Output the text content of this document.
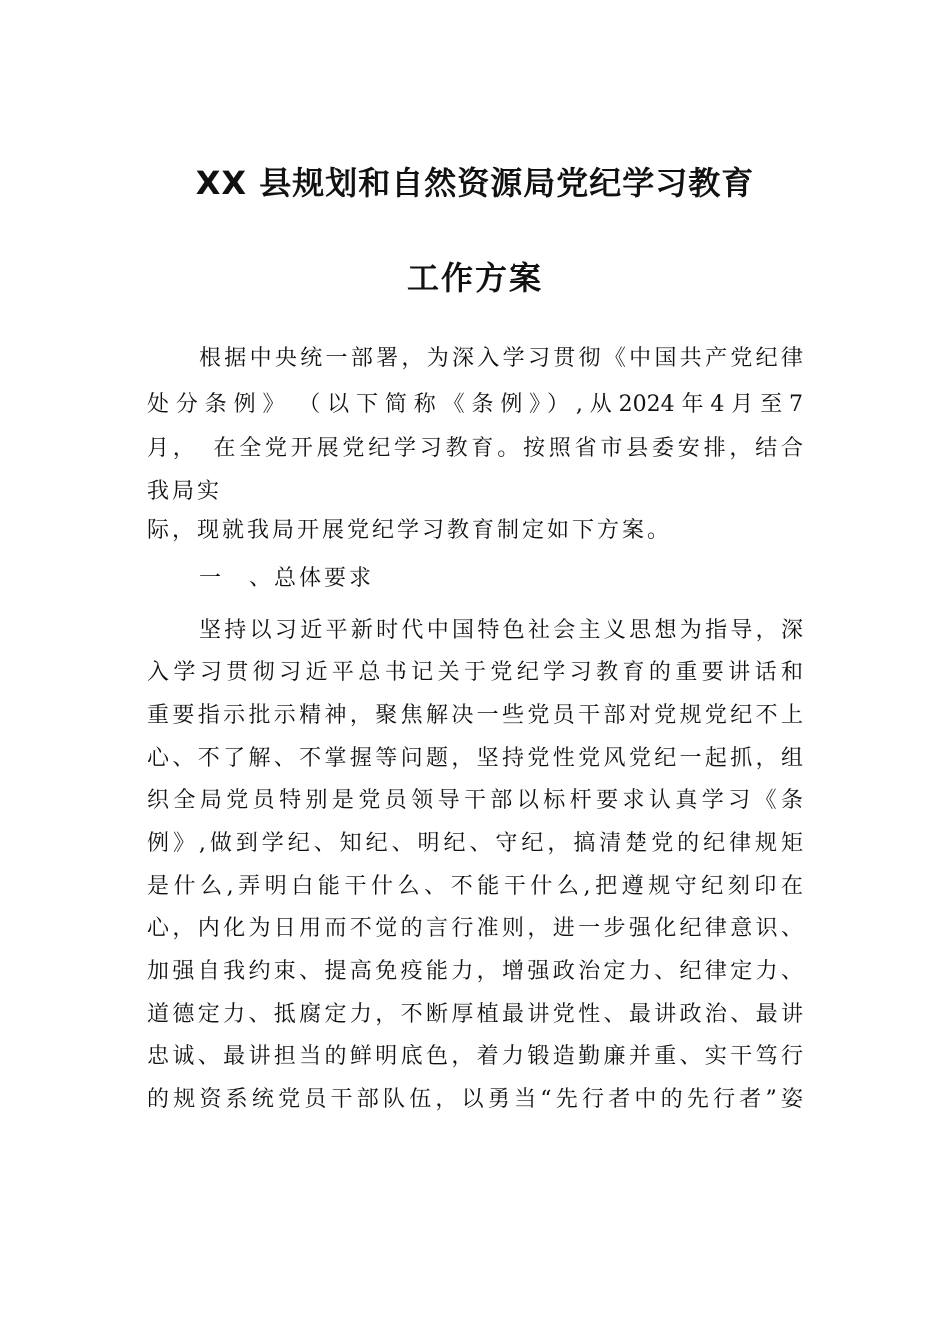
XX 县规划和自然资源局党纪学习教育
工作方案
根据中央统一部署，为深入学习贯彻《中国共产党纪律
处分条例》　（以下简称《条例》）,从2024年4月至7
月，　在全党开展党纪学习教育。按照省市县委安排，结合
我局实
际，现就我局开展党纪学习教育制定如下方案。
一　、总体要求
坚持以习近平新时代中国特色社会主义思想为指导，深
入学习贯彻习近平总书记关于党纪学习教育的重要讲话和
重要指示批示精神，聚焦解决一些党员干部对党规党纪不上
心、不了解、不掌握等问题，坚持党性党风党纪一起抓，组
织全局党员特别是党员领导干部以标杆要求认真学习《条
例》,做到学纪、知纪、明纪、守纪，搞清楚党的纪律规矩
是什么,弄明白能干什么、不能干什么,把遵规守纪刻印在
心，内化为日用而不觉的言行准则，进一步强化纪律意识、
加强自我约束、提高免疫能力，增强政治定力、纪律定力、
道德定力、抵腐定力，不断厚植最讲党性、最讲政治、最讲
忠诚、最讲担当的鲜明底色，着力锻造勤廉并重、实干笃行
的规资系统党员干部队伍，以勇当“先行者中的先行者”姿
